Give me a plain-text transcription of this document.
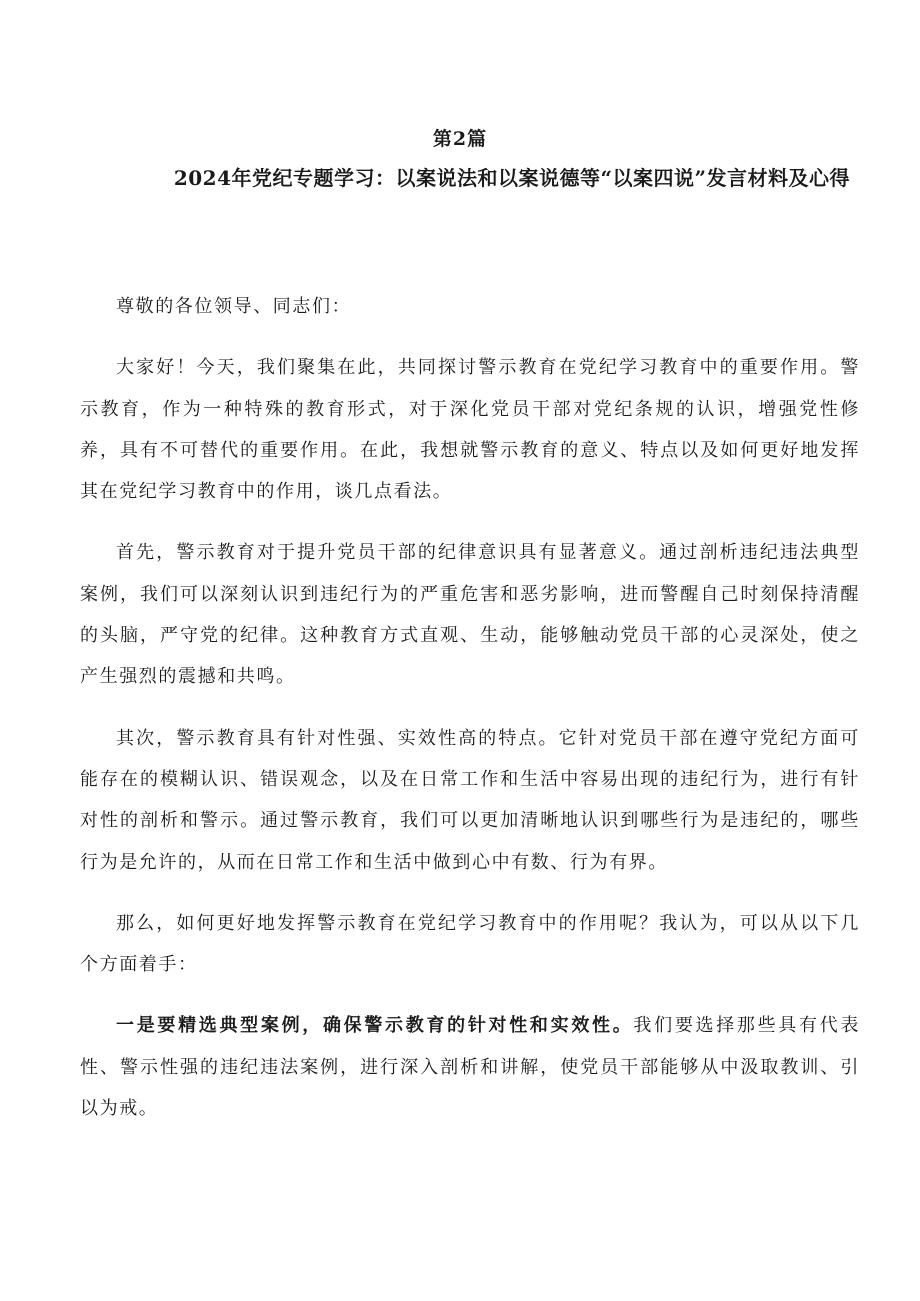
第2篇
2024年党纪专题学习：以案说法和以案说德等“以案四说”发言材料及心得

尊敬的各位领导、同志们：

大家好！今天，我们聚集在此，共同探讨警示教育在党纪学习教育中的重要作用。警示教育，作为一种特殊的教育形式，对于深化党员干部对党纪条规的认识，增强党性修养，具有不可替代的重要作用。在此，我想就警示教育的意义、特点以及如何更好地发挥其在党纪学习教育中的作用，谈几点看法。

首先，警示教育对于提升党员干部的纪律意识具有显著意义。通过剖析违纪违法典型案例，我们可以深刻认识到违纪行为的严重危害和恶劣影响，进而警醒自己时刻保持清醒的头脑，严守党的纪律。这种教育方式直观、生动，能够触动党员干部的心灵深处，使之产生强烈的震撼和共鸣。

其次，警示教育具有针对性强、实效性高的特点。它针对党员干部在遵守党纪方面可能存在的模糊认识、错误观念，以及在日常工作和生活中容易出现的违纪行为，进行有针对性的剖析和警示。通过警示教育，我们可以更加清晰地认识到哪些行为是违纪的，哪些行为是允许的，从而在日常工作和生活中做到心中有数、行为有界。

那么，如何更好地发挥警示教育在党纪学习教育中的作用呢？我认为，可以从以下几个方面着手：

一是要精选典型案例，确保警示教育的针对性和实效性。我们要选择那些具有代表性、警示性强的违纪违法案例，进行深入剖析和讲解，使党员干部能够从中汲取教训、引以为戒。
